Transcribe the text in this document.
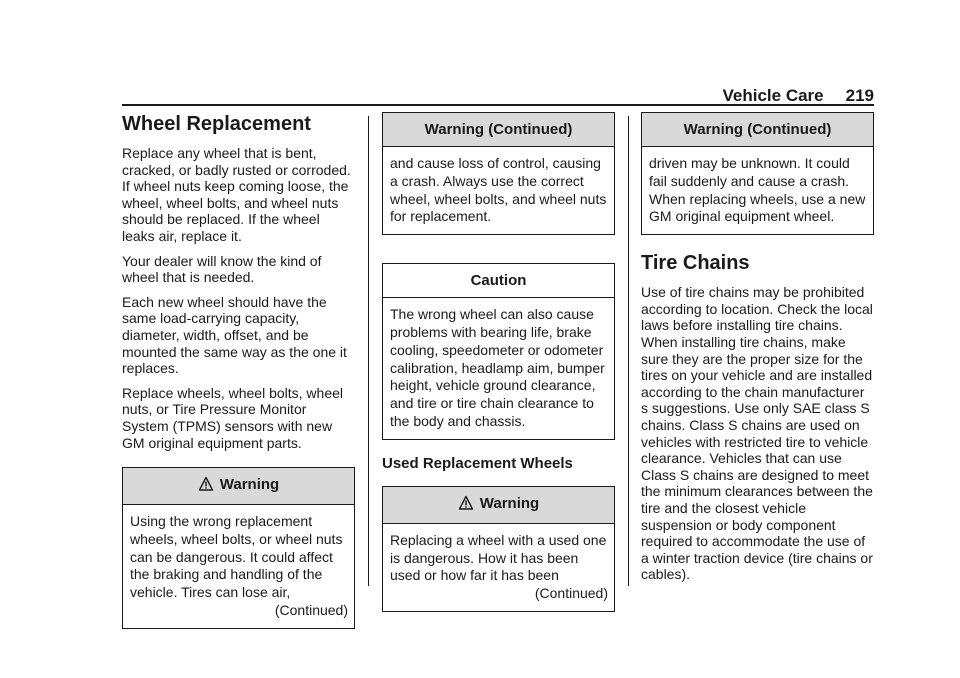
Vehicle Care 219
Wheel Replacement

Replace any wheel that is bent, cracked, or badly rusted or corroded. If wheel nuts keep coming loose, the wheel, wheel bolts, and wheel nuts should be replaced. If the wheel leaks air, replace it.

Your dealer will know the kind of wheel that is needed.

Each new wheel should have the same load-carrying capacity, diameter, width, offset, and be mounted the same way as the one it replaces.

Replace wheels, wheel bolts, wheel nuts, or Tire Pressure Monitor System (TPMS) sensors with new GM original equipment parts.

Warning
Using the wrong replacement wheels, wheel bolts, or wheel nuts can be dangerous. It could affect the braking and handling of the vehicle. Tires can lose air,
(Continued)
Warning (Continued)
and cause loss of control, causing a crash. Always use the correct wheel, wheel bolts, and wheel nuts for replacement.
Caution
The wrong wheel can also cause problems with bearing life, brake cooling, speedometer or odometer calibration, headlamp aim, bumper height, vehicle ground clearance, and tire or tire chain clearance to the body and chassis.
Used Replacement Wheels
Warning
Replacing a wheel with a used one is dangerous. How it has been used or how far it has been
(Continued)
Warning (Continued)
driven may be unknown. It could fail suddenly and cause a crash. When replacing wheels, use a new GM original equipment wheel.
Tire Chains

Use of tire chains may be prohibited according to location. Check the local laws before installing tire chains. When installing tire chains, make sure they are the proper size for the tires on your vehicle and are installed according to the chain manufacturer s suggestions. Use only SAE class S chains. Class S chains are used on vehicles with restricted tire to vehicle clearance. Vehicles that can use Class S chains are designed to meet the minimum clearances between the tire and the closest vehicle suspension or body component required to accommodate the use of a winter traction device (tire chains or cables).
